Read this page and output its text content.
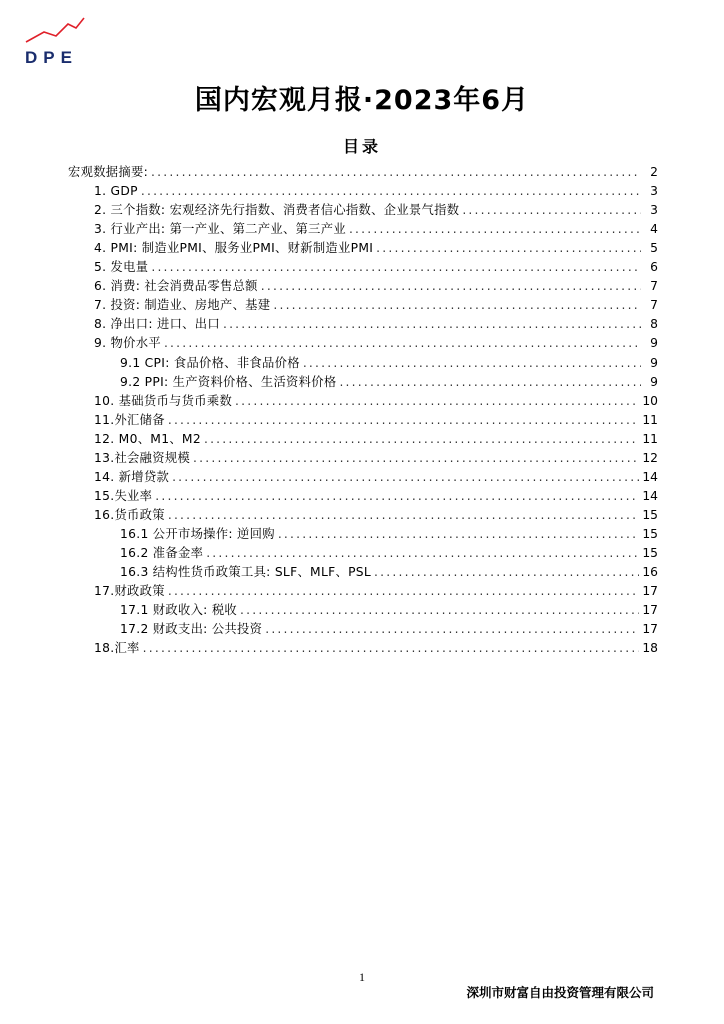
DPE
国内宏观月报·2023年6月
目录
宏观数据摘要: .....	2
1. GDP .....	3
2. 三个指数: 宏观经济先行指数、消费者信心指数、企业景气指数 .....	3
3. 行业产出: 第一产业、第二产业、第三产业 .....	4
4. PMI: 制造业PMI、服务业PMI、财新制造业PMI .....	5
5. 发电量 .....	6
6. 消费: 社会消费品零售总额 .....	7
7. 投资: 制造业、房地产、基建 .....	7
8. 净出口: 进口、出口 .....	8
9. 物价水平 .....	9
9.1 CPI: 食品价格、非食品价格 .....	9
9.2 PPI: 生产资料价格、生活资料价格 .....	9
10. 基础货币与货币乘数 .....	10
11.外汇储备 .....	11
12. M0、M1、M2 .....	11
13.社会融资规模 .....	12
14. 新增贷款 .....	14
15.失业率 .....	14
16.货币政策 .....	15
16.1 公开市场操作: 逆回购 .....	15
16.2 准备金率 .....	15
16.3 结构性货币政策工具: SLF、MLF、PSL .....	16
17.财政政策 .....	17
17.1 财政收入: 税收 .....	17
17.2 财政支出: 公共投资 .....	17
18.汇率 .....	18
1
深圳市财富自由投资管理有限公司
